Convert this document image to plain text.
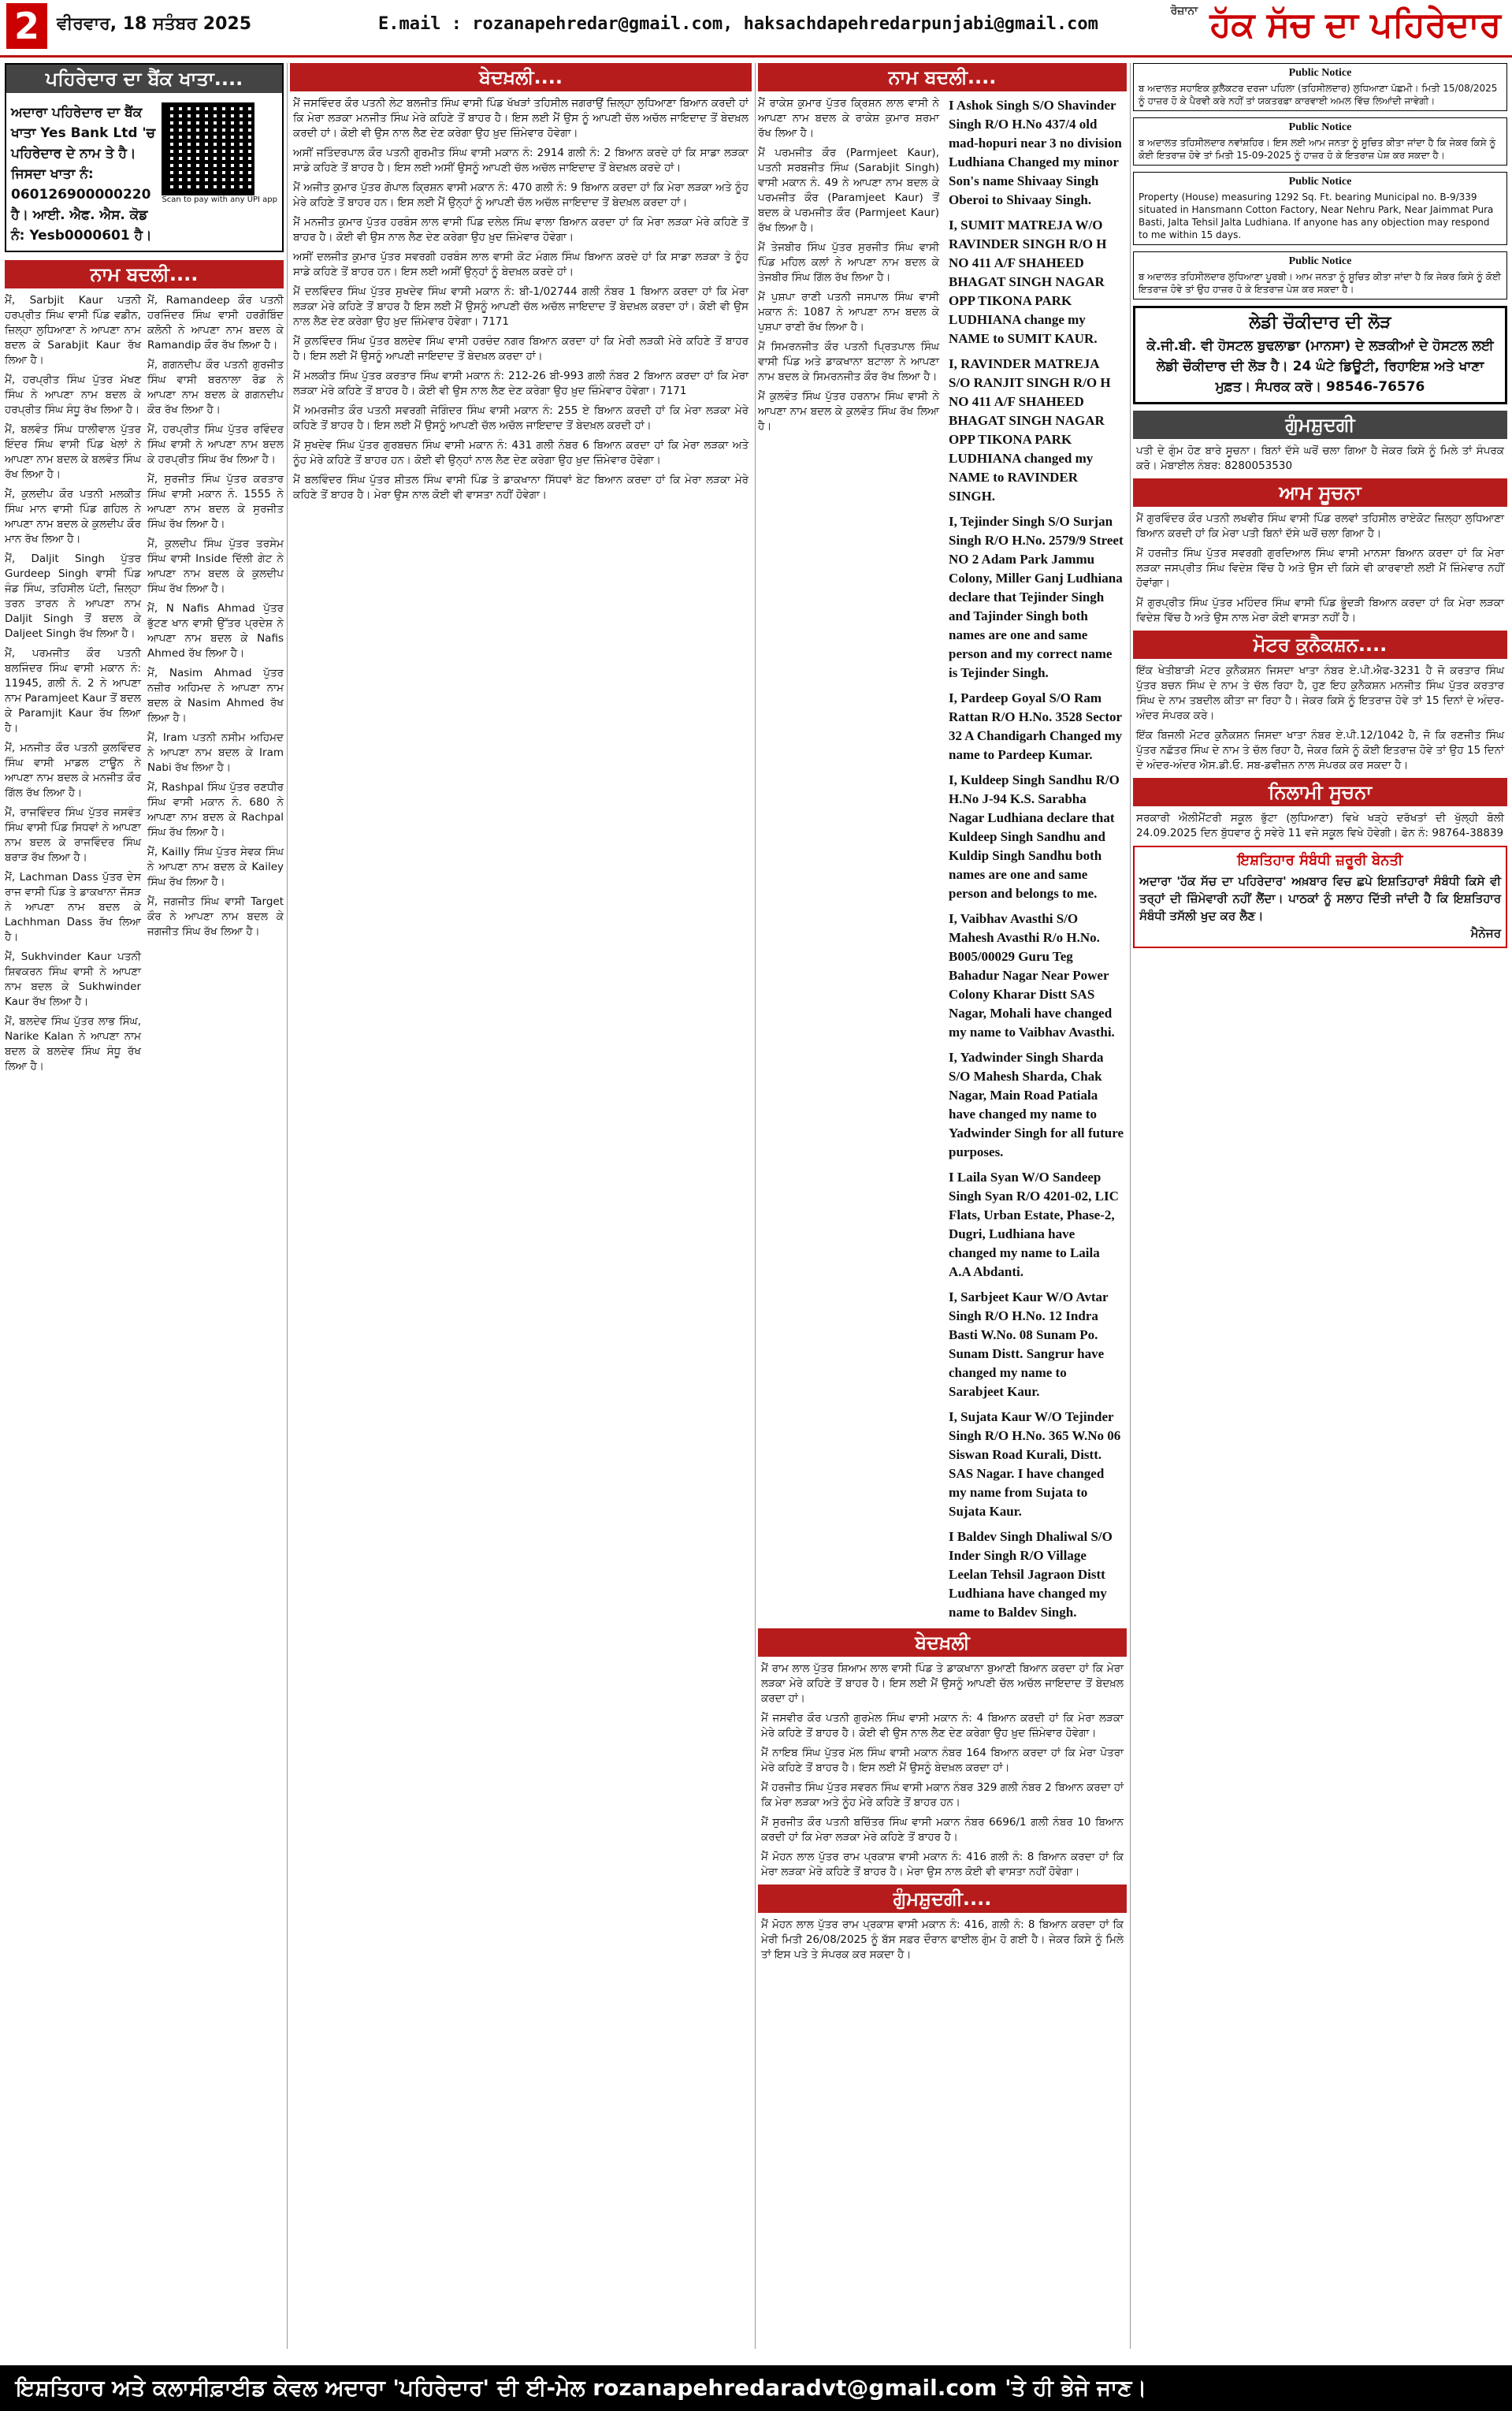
2	ਵੀਰਵਾਰ, 18 ਸਤੰਬਰ 2025	E.mail : rozanapehredar@gmail.com, haksachdapehredarpunjabi@gmail.com
$^{ਰੋਜ਼ਾਨਾ}$ ਹੱਕ ਸੱਚ ਦਾ ਪਹਿਰੇਦਾਰ
ਪਹਿਰੇਦਾਰ ਦਾ ਬੈਂਕ ਖਾਤਾ....
ਅਦਾਰਾ ਪਹਿਰੇਦਾਰ ਦਾ ਬੈਂਕ ਖਾਤਾ Yes Bank Ltd 'ਚ ਪਹਿਰੇਦਾਰ ਦੇ ਨਾਮ ਤੇ ਹੈ। ਜਿਸਦਾ ਖਾਤਾ ਨੰ: 060126900000220 ਹੈ। ਆਈ. ਐਫ. ਐਸ. ਕੋਡ ਨੰ: Yesb0000601 ਹੈ।
Scan to pay with any UPI app
ਨਾਮ ਬਦਲੀ....
ਮੈਂ, Sarbjit Kaur ਪਤਨੀ ਹਰਪ੍ਰੀਤ ਸਿੰਘ ਵਾਸੀ ਪਿੰਡ ਵਡੀਨ, ਜ਼ਿਲ੍ਹਾ ਲੁਧਿਆਣਾ ਨੇ ਆਪਣਾ ਨਾਮ ਬਦਲ ਕੇ Sarabjit Kaur ਰੱਖ ਲਿਆ ਹੈ।
ਮੈਂ, ਹਰਪ੍ਰੀਤ ਸਿੰਘ ਪੁੱਤਰ ਮੱਖਣ ਸਿੰਘ ਨੇ ਆਪਣਾ ਨਾਮ ਬਦਲ ਕੇ ਹਰਪ੍ਰੀਤ ਸਿੰਘ ਸੰਧੂ ਰੱਖ ਲਿਆ ਹੈ।
ਮੈਂ, ਬਲਵੰਤ ਸਿੰਘ ਧਾਲੀਵਾਲ ਪੁੱਤਰ ਇੰਦਰ ਸਿੰਘ ਵਾਸੀ ਪਿੰਡ ਖੇਲਾਂ ਨੇ ਆਪਣਾ ਨਾਮ ਬਦਲ ਕੇ ਬਲਵੰਤ ਸਿੰਘ ਰੱਖ ਲਿਆ ਹੈ।
ਮੈਂ, ਕੁਲਦੀਪ ਕੌਰ ਪਤਨੀ ਮਲਕੀਤ ਸਿੰਘ ਮਾਨ ਵਾਸੀ ਪਿੰਡ ਗਹਿਲ ਨੇ ਆਪਣਾ ਨਾਮ ਬਦਲ ਕੇ ਕੁਲਦੀਪ ਕੌਰ ਮਾਨ ਰੱਖ ਲਿਆ ਹੈ।
ਮੈਂ, Daljit Singh ਪੁੱਤਰ Gurdeep Singh ਵਾਸੀ ਪਿੰਡ ਜੰਡ ਸਿੰਘ, ਤਹਿਸੀਲ ਪੱਟੀ, ਜ਼ਿਲ੍ਹਾ ਤਰਨ ਤਾਰਨ ਨੇ ਆਪਣਾ ਨਾਮ Daljit Singh ਤੋਂ ਬਦਲ ਕੇ Daljeet Singh ਰੱਖ ਲਿਆ ਹੈ।
ਮੈਂ, ਪਰਮਜੀਤ ਕੌਰ ਪਤਨੀ ਬਲਜਿੰਦਰ ਸਿੰਘ ਵਾਸੀ ਮਕਾਨ ਨੰ: 11945, ਗਲੀ ਨੰ. 2 ਨੇ ਆਪਣਾ ਨਾਮ Paramjeet Kaur ਤੋਂ ਬਦਲ ਕੇ Paramjit Kaur ਰੱਖ ਲਿਆ ਹੈ।
ਮੈਂ, ਮਨਜੀਤ ਕੌਰ ਪਤਨੀ ਕੁਲਵਿੰਦਰ ਸਿੰਘ ਵਾਸੀ ਮਾਡਲ ਟਾਊਨ ਨੇ ਆਪਣਾ ਨਾਮ ਬਦਲ ਕੇ ਮਨਜੀਤ ਕੌਰ ਗਿੱਲ ਰੱਖ ਲਿਆ ਹੈ।
ਮੈਂ, ਰਾਜਵਿੰਦਰ ਸਿੰਘ ਪੁੱਤਰ ਜਸਵੰਤ ਸਿੰਘ ਵਾਸੀ ਪਿੰਡ ਸਿਧਵਾਂ ਨੇ ਆਪਣਾ ਨਾਮ ਬਦਲ ਕੇ ਰਾਜਵਿੰਦਰ ਸਿੰਘ ਬਰਾੜ ਰੱਖ ਲਿਆ ਹੈ।
ਮੈਂ, Lachman Dass ਪੁੱਤਰ ਦੇਸ ਰਾਜ ਵਾਸੀ ਪਿੰਡ ਤੇ ਡਾਕਖਾਨਾ ਜੱਸੜ ਨੇ ਆਪਣਾ ਨਾਮ ਬਦਲ ਕੇ Lachhman Dass ਰੱਖ ਲਿਆ ਹੈ।
ਮੈਂ, Sukhvinder Kaur ਪਤਨੀ ਸ਼ਿਵਕਰਨ ਸਿੰਘ ਵਾਸੀ ਨੇ ਆਪਣਾ ਨਾਮ ਬਦਲ ਕੇ Sukhwinder Kaur ਰੱਖ ਲਿਆ ਹੈ।
ਮੈਂ, ਬਲਦੇਵ ਸਿੰਘ ਪੁੱਤਰ ਲਾਭ ਸਿੰਘ, Narike Kalan ਨੇ ਆਪਣਾ ਨਾਮ ਬਦਲ ਕੇ ਬਲਦੇਵ ਸਿੰਘ ਸੰਧੂ ਰੱਖ ਲਿਆ ਹੈ।
ਮੈਂ, Ramandeep ਕੌਰ ਪਤਨੀ ਹਰਜਿੰਦਰ ਸਿੰਘ ਵਾਸੀ ਹਰਗੋਬਿੰਦ ਕਲੋਨੀ ਨੇ ਆਪਣਾ ਨਾਮ ਬਦਲ ਕੇ Ramandip ਕੌਰ ਰੱਖ ਲਿਆ ਹੈ।
ਮੈਂ, ਗਗਨਦੀਪ ਕੌਰ ਪਤਨੀ ਗੁਰਜੀਤ ਸਿੰਘ ਵਾਸੀ ਬਰਨਾਲਾ ਰੋਡ ਨੇ ਆਪਣਾ ਨਾਮ ਬਦਲ ਕੇ ਗਗਨਦੀਪ ਕੌਰ ਰੱਖ ਲਿਆ ਹੈ।
ਮੈਂ, ਹਰਪ੍ਰੀਤ ਸਿੰਘ ਪੁੱਤਰ ਰਵਿੰਦਰ ਸਿੰਘ ਵਾਸੀ ਨੇ ਆਪਣਾ ਨਾਮ ਬਦਲ ਕੇ ਹਰਪ੍ਰੀਤ ਸਿੰਘ ਰੱਖ ਲਿਆ ਹੈ।
ਮੈਂ, ਸੁਰਜੀਤ ਸਿੰਘ ਪੁੱਤਰ ਕਰਤਾਰ ਸਿੰਘ ਵਾਸੀ ਮਕਾਨ ਨੰ. 1555 ਨੇ ਆਪਣਾ ਨਾਮ ਬਦਲ ਕੇ ਸੁਰਜੀਤ ਸਿੰਘ ਰੱਖ ਲਿਆ ਹੈ।
ਮੈਂ, ਕੁਲਦੀਪ ਸਿੰਘ ਪੁੱਤਰ ਤਰਸੇਮ ਸਿੰਘ ਵਾਸੀ Inside ਦਿੱਲੀ ਗੇਟ ਨੇ ਆਪਣਾ ਨਾਮ ਬਦਲ ਕੇ ਕੁਲਦੀਪ ਸਿੰਘ ਰੱਖ ਲਿਆ ਹੈ।
ਮੈਂ, N Nafis Ahmad ਪੁੱਤਰ ਭੁੱਟਣ ਖਾਨ ਵਾਸੀ ਉੱਤਰ ਪ੍ਰਦੇਸ਼ ਨੇ ਆਪਣਾ ਨਾਮ ਬਦਲ ਕੇ Nafis Ahmed ਰੱਖ ਲਿਆ ਹੈ।
ਮੈਂ, Nasim Ahmad ਪੁੱਤਰ ਨਜ਼ੀਰ ਅਹਿਮਦ ਨੇ ਆਪਣਾ ਨਾਮ ਬਦਲ ਕੇ Nasim Ahmed ਰੱਖ ਲਿਆ ਹੈ।
ਮੈਂ, Iram ਪਤਨੀ ਨਸੀਮ ਅਹਿਮਦ ਨੇ ਆਪਣਾ ਨਾਮ ਬਦਲ ਕੇ Iram Nabi ਰੱਖ ਲਿਆ ਹੈ।
ਮੈਂ, Rashpal ਸਿੰਘ ਪੁੱਤਰ ਰਣਧੀਰ ਸਿੰਘ ਵਾਸੀ ਮਕਾਨ ਨੰ. 680 ਨੇ ਆਪਣਾ ਨਾਮ ਬਦਲ ਕੇ Rachpal ਸਿੰਘ ਰੱਖ ਲਿਆ ਹੈ।
ਮੈਂ, Kailly ਸਿੰਘ ਪੁੱਤਰ ਸੇਵਕ ਸਿੰਘ ਨੇ ਆਪਣਾ ਨਾਮ ਬਦਲ ਕੇ Kailey ਸਿੰਘ ਰੱਖ ਲਿਆ ਹੈ।
ਮੈਂ, ਜਗਜੀਤ ਸਿੰਘ ਵਾਸੀ Target ਕੌਰ ਨੇ ਆਪਣਾ ਨਾਮ ਬਦਲ ਕੇ ਜਗਜੀਤ ਸਿੰਘ ਰੱਖ ਲਿਆ ਹੈ।
ਬੇਦਖ਼ਲੀ....
ਮੈਂ ਜਸਵਿੰਦਰ ਕੌਰ ਪਤਨੀ ਲੇਟ ਬਲਜੀਤ ਸਿੰਘ ਵਾਸੀ ਪਿੰਡ ਖੱਖੜਾਂ ਤਹਿਸੀਲ ਜਗਰਾਉਂ ਜ਼ਿਲ੍ਹਾ ਲੁਧਿਆਣਾ ਬਿਆਨ ਕਰਦੀ ਹਾਂ ਕਿ ਮੇਰਾ ਲੜਕਾ ਮਨਜੀਤ ਸਿੰਘ ਮੇਰੇ ਕਹਿਣੇ ਤੋਂ ਬਾਹਰ ਹੈ। ਇਸ ਲਈ ਮੈਂ ਉਸ ਨੂੰ ਆਪਣੀ ਚੱਲ ਅਚੱਲ ਜਾਇਦਾਦ ਤੋਂ ਬੇਦਖ਼ਲ ਕਰਦੀ ਹਾਂ। ਕੋਈ ਵੀ ਉਸ ਨਾਲ ਲੈਣ ਦੇਣ ਕਰੇਗਾ ਉਹ ਖ਼ੁਦ ਜ਼ਿੰਮੇਵਾਰ ਹੋਵੇਗਾ।
ਅਸੀਂ ਜਤਿੰਦਰਪਾਲ ਕੌਰ ਪਤਨੀ ਗੁਰਮੀਤ ਸਿੰਘ ਵਾਸੀ ਮਕਾਨ ਨੰ: 2914 ਗਲੀ ਨੰ: 2 ਬਿਆਨ ਕਰਦੇ ਹਾਂ ਕਿ ਸਾਡਾ ਲੜਕਾ ਸਾਡੇ ਕਹਿਣੇ ਤੋਂ ਬਾਹਰ ਹੈ। ਇਸ ਲਈ ਅਸੀਂ ਉਸਨੂੰ ਆਪਣੀ ਚੱਲ ਅਚੱਲ ਜਾਇਦਾਦ ਤੋਂ ਬੇਦਖ਼ਲ ਕਰਦੇ ਹਾਂ।
ਮੈਂ ਅਜੀਤ ਕੁਮਾਰ ਪੁੱਤਰ ਗੋਪਾਲ ਕ੍ਰਿਸ਼ਨ ਵਾਸੀ ਮਕਾਨ ਨੰ: 470 ਗਲੀ ਨੰ: 9 ਬਿਆਨ ਕਰਦਾ ਹਾਂ ਕਿ ਮੇਰਾ ਲੜਕਾ ਅਤੇ ਨੂੰਹ ਮੇਰੇ ਕਹਿਣੇ ਤੋਂ ਬਾਹਰ ਹਨ। ਇਸ ਲਈ ਮੈਂ ਉਨ੍ਹਾਂ ਨੂੰ ਆਪਣੀ ਚੱਲ ਅਚੱਲ ਜਾਇਦਾਦ ਤੋਂ ਬੇਦਖ਼ਲ ਕਰਦਾ ਹਾਂ।
ਮੈਂ ਮਨਜੀਤ ਕੁਮਾਰ ਪੁੱਤਰ ਹਰਬੰਸ ਲਾਲ ਵਾਸੀ ਪਿੰਡ ਦਲੇਲ ਸਿੰਘ ਵਾਲਾ ਬਿਆਨ ਕਰਦਾ ਹਾਂ ਕਿ ਮੇਰਾ ਲੜਕਾ ਮੇਰੇ ਕਹਿਣੇ ਤੋਂ ਬਾਹਰ ਹੈ। ਕੋਈ ਵੀ ਉਸ ਨਾਲ ਲੈਣ ਦੇਣ ਕਰੇਗਾ ਉਹ ਖ਼ੁਦ ਜ਼ਿੰਮੇਵਾਰ ਹੋਵੇਗਾ।
ਅਸੀਂ ਦਲਜੀਤ ਕੁਮਾਰ ਪੁੱਤਰ ਸਵਰਗੀ ਹਰਬੰਸ ਲਾਲ ਵਾਸੀ ਕੋਟ ਮੰਗਲ ਸਿੰਘ ਬਿਆਨ ਕਰਦੇ ਹਾਂ ਕਿ ਸਾਡਾ ਲੜਕਾ ਤੇ ਨੂੰਹ ਸਾਡੇ ਕਹਿਣੇ ਤੋਂ ਬਾਹਰ ਹਨ। ਇਸ ਲਈ ਅਸੀਂ ਉਨ੍ਹਾਂ ਨੂੰ ਬੇਦਖ਼ਲ ਕਰਦੇ ਹਾਂ।
ਮੈਂ ਦਲਵਿੰਦਰ ਸਿੰਘ ਪੁੱਤਰ ਸੁਖਦੇਵ ਸਿੰਘ ਵਾਸੀ ਮਕਾਨ ਨੰ: ਬੀ-1/02744 ਗਲੀ ਨੰਬਰ 1 ਬਿਆਨ ਕਰਦਾ ਹਾਂ ਕਿ ਮੇਰਾ ਲੜਕਾ ਮੇਰੇ ਕਹਿਣੇ ਤੋਂ ਬਾਹਰ ਹੈ ਇਸ ਲਈ ਮੈਂ ਉਸਨੂੰ ਆਪਣੀ ਚੱਲ ਅਚੱਲ ਜਾਇਦਾਦ ਤੋਂ ਬੇਦਖ਼ਲ ਕਰਦਾ ਹਾਂ। ਕੋਈ ਵੀ ਉਸ ਨਾਲ ਲੈਣ ਦੇਣ ਕਰੇਗਾ ਉਹ ਖ਼ੁਦ ਜ਼ਿੰਮੇਵਾਰ ਹੋਵੇਗਾ। 7171
ਮੈਂ ਕੁਲਵਿੰਦਰ ਸਿੰਘ ਪੁੱਤਰ ਬਲਦੇਵ ਸਿੰਘ ਵਾਸੀ ਹਰਚੰਦ ਨਗਰ ਬਿਆਨ ਕਰਦਾ ਹਾਂ ਕਿ ਮੇਰੀ ਲੜਕੀ ਮੇਰੇ ਕਹਿਣੇ ਤੋਂ ਬਾਹਰ ਹੈ। ਇਸ ਲਈ ਮੈਂ ਉਸਨੂੰ ਆਪਣੀ ਜਾਇਦਾਦ ਤੋਂ ਬੇਦਖ਼ਲ ਕਰਦਾ ਹਾਂ।
ਮੈਂ ਮਲਕੀਤ ਸਿੰਘ ਪੁੱਤਰ ਕਰਤਾਰ ਸਿੰਘ ਵਾਸੀ ਮਕਾਨ ਨੰ: 212-26 ਬੀ-993 ਗਲੀ ਨੰਬਰ 2 ਬਿਆਨ ਕਰਦਾ ਹਾਂ ਕਿ ਮੇਰਾ ਲੜਕਾ ਮੇਰੇ ਕਹਿਣੇ ਤੋਂ ਬਾਹਰ ਹੈ। ਕੋਈ ਵੀ ਉਸ ਨਾਲ ਲੈਣ ਦੇਣ ਕਰੇਗਾ ਉਹ ਖ਼ੁਦ ਜ਼ਿੰਮੇਵਾਰ ਹੋਵੇਗਾ। 7171
ਮੈਂ ਅਮਰਜੀਤ ਕੌਰ ਪਤਨੀ ਸਵਰਗੀ ਜੋਗਿੰਦਰ ਸਿੰਘ ਵਾਸੀ ਮਕਾਨ ਨੰ: 255 ਏ ਬਿਆਨ ਕਰਦੀ ਹਾਂ ਕਿ ਮੇਰਾ ਲੜਕਾ ਮੇਰੇ ਕਹਿਣੇ ਤੋਂ ਬਾਹਰ ਹੈ। ਇਸ ਲਈ ਮੈਂ ਉਸਨੂੰ ਆਪਣੀ ਚੱਲ ਅਚੱਲ ਜਾਇਦਾਦ ਤੋਂ ਬੇਦਖ਼ਲ ਕਰਦੀ ਹਾਂ।
ਮੈਂ ਸੁਖਦੇਵ ਸਿੰਘ ਪੁੱਤਰ ਗੁਰਬਚਨ ਸਿੰਘ ਵਾਸੀ ਮਕਾਨ ਨੰ: 431 ਗਲੀ ਨੰਬਰ 6 ਬਿਆਨ ਕਰਦਾ ਹਾਂ ਕਿ ਮੇਰਾ ਲੜਕਾ ਅਤੇ ਨੂੰਹ ਮੇਰੇ ਕਹਿਣੇ ਤੋਂ ਬਾਹਰ ਹਨ। ਕੋਈ ਵੀ ਉਨ੍ਹਾਂ ਨਾਲ ਲੈਣ ਦੇਣ ਕਰੇਗਾ ਉਹ ਖ਼ੁਦ ਜ਼ਿੰਮੇਵਾਰ ਹੋਵੇਗਾ।
ਮੈਂ ਬਲਵਿੰਦਰ ਸਿੰਘ ਪੁੱਤਰ ਸ਼ੀਤਲ ਸਿੰਘ ਵਾਸੀ ਪਿੰਡ ਤੇ ਡਾਕਖਾਨਾ ਸਿੱਧਵਾਂ ਬੇਟ ਬਿਆਨ ਕਰਦਾ ਹਾਂ ਕਿ ਮੇਰਾ ਲੜਕਾ ਮੇਰੇ ਕਹਿਣੇ ਤੋਂ ਬਾਹਰ ਹੈ। ਮੇਰਾ ਉਸ ਨਾਲ ਕੋਈ ਵੀ ਵਾਸਤਾ ਨਹੀਂ ਹੋਵੇਗਾ।
ਨਾਮ ਬਦਲੀ....
ਮੈਂ ਰਾਕੇਸ਼ ਕੁਮਾਰ ਪੁੱਤਰ ਕ੍ਰਿਸ਼ਨ ਲਾਲ ਵਾਸੀ ਨੇ ਆਪਣਾ ਨਾਮ ਬਦਲ ਕੇ ਰਾਕੇਸ਼ ਕੁਮਾਰ ਸ਼ਰਮਾ ਰੱਖ ਲਿਆ ਹੈ।
ਮੈਂ ਪਰਮਜੀਤ ਕੌਰ (Parmjeet Kaur), ਪਤਨੀ ਸਰਬਜੀਤ ਸਿੰਘ (Sarabjit Singh) ਵਾਸੀ ਮਕਾਨ ਨੰ. 49 ਨੇ ਆਪਣਾ ਨਾਮ ਬਦਲ ਕੇ ਪਰਮਜੀਤ ਕੌਰ (Paramjeet Kaur) ਤੋਂ ਬਦਲ ਕੇ ਪਰਮਜੀਤ ਕੌਰ (Parmjeet Kaur) ਰੱਖ ਲਿਆ ਹੈ।
ਮੈਂ ਤੇਜਬੀਰ ਸਿੰਘ ਪੁੱਤਰ ਸੁਰਜੀਤ ਸਿੰਘ ਵਾਸੀ ਪਿੰਡ ਮਹਿਲ ਕਲਾਂ ਨੇ ਆਪਣਾ ਨਾਮ ਬਦਲ ਕੇ ਤੇਜਬੀਰ ਸਿੰਘ ਗਿੱਲ ਰੱਖ ਲਿਆ ਹੈ।
ਮੈਂ ਪੁਸ਼ਪਾ ਰਾਣੀ ਪਤਨੀ ਜਸਪਾਲ ਸਿੰਘ ਵਾਸੀ ਮਕਾਨ ਨੰ: 1087 ਨੇ ਆਪਣਾ ਨਾਮ ਬਦਲ ਕੇ ਪੁਸ਼ਪਾ ਰਾਣੀ ਰੱਖ ਲਿਆ ਹੈ।
ਮੈਂ ਸਿਮਰਨਜੀਤ ਕੌਰ ਪਤਨੀ ਪ੍ਰਿਤਪਾਲ ਸਿੰਘ ਵਾਸੀ ਪਿੰਡ ਅਤੇ ਡਾਕਖਾਨਾ ਬਟਾਲਾ ਨੇ ਆਪਣਾ ਨਾਮ ਬਦਲ ਕੇ ਸਿਮਰਨਜੀਤ ਕੌਰ ਰੱਖ ਲਿਆ ਹੈ।
ਮੈਂ ਕੁਲਵੰਤ ਸਿੰਘ ਪੁੱਤਰ ਹਰਨਾਮ ਸਿੰਘ ਵਾਸੀ ਨੇ ਆਪਣਾ ਨਾਮ ਬਦਲ ਕੇ ਕੁਲਵੰਤ ਸਿੰਘ ਰੱਖ ਲਿਆ ਹੈ।
I Ashok Singh S/O Shavinder Singh R/O H.No 437/4 old mad-hopuri near 3 no division Ludhiana Changed my minor Son's name Shivaay Singh Oberoi to Shivaay Singh.
I, SUMIT MATREJA W/O RAVINDER SINGH R/O H NO 411 A/F SHAHEED BHAGAT SINGH NAGAR OPP TIKONA PARK LUDHIANA change my NAME to SUMIT KAUR.
I, RAVINDER MATREJA S/O RANJIT SINGH R/O H NO 411 A/F SHAHEED BHAGAT SINGH NAGAR OPP TIKONA PARK LUDHIANA changed my NAME to RAVINDER SINGH.
I, Tejinder Singh S/O Surjan Singh R/O H.No. 2579/9 Street NO 2 Adam Park Jammu Colony, Miller Ganj Ludhiana declare that Tejinder Singh and Tajinder Singh both names are one and same person and my correct name is Tejinder Singh.
I, Pardeep Goyal S/O Ram Rattan R/O H.No. 3528 Sector 32 A Chandigarh Changed my name to Pardeep Kumar.
I, Kuldeep Singh Sandhu R/O H.No J-94 K.S. Sarabha Nagar Ludhiana declare that Kuldeep Singh Sandhu and Kuldip Singh Sandhu both names are one and same person and belongs to me.
I, Vaibhav Avasthi S/O Mahesh Avasthi R/o H.No. B005/00029 Guru Teg Bahadur Nagar Near Power Colony Kharar Distt SAS Nagar, Mohali have changed my name to Vaibhav Avasthi.
I, Yadwinder Singh Sharda S/O Mahesh Sharda, Chak Nagar, Main Road Patiala have changed my name to Yadwinder Singh for all future purposes.
I Laila Syan W/O Sandeep Singh Syan R/O 4201-02, LIC Flats, Urban Estate, Phase-2, Dugri, Ludhiana have changed my name to Laila A.A Abdanti.
I, Sarbjeet Kaur W/O Avtar Singh R/O H.No. 12 Indra Basti W.No. 08 Sunam Po. Sunam Distt. Sangrur have changed my name to Sarabjeet Kaur.
I, Sujata Kaur W/O Tejinder Singh R/O H.No. 365 W.No 06 Siswan Road Kurali, Distt. SAS Nagar. I have changed my name from Sujata to Sujata Kaur.
I Baldev Singh Dhaliwal S/O Inder Singh R/O Village Leelan Tehsil Jagraon Distt Ludhiana have changed my name to Baldev Singh.
ਬੇਦਖ਼ਲੀ
ਮੈਂ ਰਾਮ ਲਾਲ ਪੁੱਤਰ ਸ਼ਿਆਮ ਲਾਲ ਵਾਸੀ ਪਿੰਡ ਤੇ ਡਾਕਖਾਨਾ ਬੁਆਣੀ ਬਿਆਨ ਕਰਦਾ ਹਾਂ ਕਿ ਮੇਰਾ ਲੜਕਾ ਮੇਰੇ ਕਹਿਣੇ ਤੋਂ ਬਾਹਰ ਹੈ। ਇਸ ਲਈ ਮੈਂ ਉਸਨੂੰ ਆਪਣੀ ਚੱਲ ਅਚੱਲ ਜਾਇਦਾਦ ਤੋਂ ਬੇਦਖ਼ਲ ਕਰਦਾ ਹਾਂ।
ਮੈਂ ਜਸਵੀਰ ਕੌਰ ਪਤਨੀ ਗੁਰਮੇਲ ਸਿੰਘ ਵਾਸੀ ਮਕਾਨ ਨੰ: 4 ਬਿਆਨ ਕਰਦੀ ਹਾਂ ਕਿ ਮੇਰਾ ਲੜਕਾ ਮੇਰੇ ਕਹਿਣੇ ਤੋਂ ਬਾਹਰ ਹੈ। ਕੋਈ ਵੀ ਉਸ ਨਾਲ ਲੈਣ ਦੇਣ ਕਰੇਗਾ ਉਹ ਖ਼ੁਦ ਜ਼ਿੰਮੇਵਾਰ ਹੋਵੇਗਾ।
ਮੈਂ ਨਾਇਬ ਸਿੰਘ ਪੁੱਤਰ ਮੱਲ ਸਿੰਘ ਵਾਸੀ ਮਕਾਨ ਨੰਬਰ 164 ਬਿਆਨ ਕਰਦਾ ਹਾਂ ਕਿ ਮੇਰਾ ਪੋਤਰਾ ਮੇਰੇ ਕਹਿਣੇ ਤੋਂ ਬਾਹਰ ਹੈ। ਇਸ ਲਈ ਮੈਂ ਉਸਨੂੰ ਬੇਦਖ਼ਲ ਕਰਦਾ ਹਾਂ।
ਮੈਂ ਹਰਜੀਤ ਸਿੰਘ ਪੁੱਤਰ ਸਵਰਨ ਸਿੰਘ ਵਾਸੀ ਮਕਾਨ ਨੰਬਰ 329 ਗਲੀ ਨੰਬਰ 2 ਬਿਆਨ ਕਰਦਾ ਹਾਂ ਕਿ ਮੇਰਾ ਲੜਕਾ ਅਤੇ ਨੂੰਹ ਮੇਰੇ ਕਹਿਣੇ ਤੋਂ ਬਾਹਰ ਹਨ।
ਮੈਂ ਸੁਰਜੀਤ ਕੌਰ ਪਤਨੀ ਬਚਿੱਤਰ ਸਿੰਘ ਵਾਸੀ ਮਕਾਨ ਨੰਬਰ 6696/1 ਗਲੀ ਨੰਬਰ 10 ਬਿਆਨ ਕਰਦੀ ਹਾਂ ਕਿ ਮੇਰਾ ਲੜਕਾ ਮੇਰੇ ਕਹਿਣੇ ਤੋਂ ਬਾਹਰ ਹੈ।
ਮੈਂ ਮੋਹਨ ਲਾਲ ਪੁੱਤਰ ਰਾਮ ਪ੍ਰਕਾਸ਼ ਵਾਸੀ ਮਕਾਨ ਨੰ: 416 ਗਲੀ ਨੰ: 8 ਬਿਆਨ ਕਰਦਾ ਹਾਂ ਕਿ ਮੇਰਾ ਲੜਕਾ ਮੇਰੇ ਕਹਿਣੇ ਤੋਂ ਬਾਹਰ ਹੈ। ਮੇਰਾ ਉਸ ਨਾਲ ਕੋਈ ਵੀ ਵਾਸਤਾ ਨਹੀਂ ਹੋਵੇਗਾ।
ਗੁੰਮਸ਼ੁਦਗੀ....
ਮੈਂ ਮੋਹਨ ਲਾਲ ਪੁੱਤਰ ਰਾਮ ਪ੍ਰਕਾਸ਼ ਵਾਸੀ ਮਕਾਨ ਨੰ: 416, ਗਲੀ ਨੰ: 8 ਬਿਆਨ ਕਰਦਾ ਹਾਂ ਕਿ ਮੇਰੀ ਮਿਤੀ 26/08/2025 ਨੂੰ ਬੱਸ ਸਫ਼ਰ ਦੌਰਾਨ ਫਾਈਲ ਗੁੰਮ ਹੋ ਗਈ ਹੈ। ਜੇਕਰ ਕਿਸੇ ਨੂੰ ਮਿਲੇ ਤਾਂ ਇਸ ਪਤੇ ਤੇ ਸੰਪਰਕ ਕਰ ਸਕਦਾ ਹੈ।
Public Notice
ਬ ਅਦਾਲਤ ਸਹਾਇਕ ਕੁਲੈਕਟਰ ਦਰਜਾ ਪਹਿਲਾ (ਤਹਿਸੀਲਦਾਰ) ਲੁਧਿਆਣਾ ਪੱਛਮੀ। ਮਿਤੀ 15/08/2025 ਨੂੰ ਹਾਜ਼ਰ ਹੋ ਕੇ ਪੈਰਵੀ ਕਰੇ ਨਹੀਂ ਤਾਂ ਯਕਤਰਫ਼ਾ ਕਾਰਵਾਈ ਅਮਲ ਵਿੱਚ ਲਿਆਂਦੀ ਜਾਵੇਗੀ।
Public Notice
ਬ ਅਦਾਲਤ ਤਹਿਸੀਲਦਾਰ ਨਵਾਂਸ਼ਹਿਰ। ਇਸ ਲਈ ਆਮ ਜਨਤਾ ਨੂੰ ਸੂਚਿਤ ਕੀਤਾ ਜਾਂਦਾ ਹੈ ਕਿ ਜੇਕਰ ਕਿਸੇ ਨੂੰ ਕੋਈ ਇਤਰਾਜ਼ ਹੋਵੇ ਤਾਂ ਮਿਤੀ 15-09-2025 ਨੂੰ ਹਾਜ਼ਰ ਹੋ ਕੇ ਇਤਰਾਜ਼ ਪੇਸ਼ ਕਰ ਸਕਦਾ ਹੈ।
Public Notice
Property (House) measuring 1292 Sq. Ft. bearing Municipal no. B-9/339 situated in Hansmann Cotton Factory, Near Nehru Park, Near Jaimmat Pura Basti, Jalta Tehsil Jalta Ludhiana. If anyone has any objection may respond to me within 15 days.
Public Notice
ਬ ਅਦਾਲਤ ਤਹਿਸੀਲਦਾਰ ਲੁਧਿਆਣਾ ਪੂਰਬੀ। ਆਮ ਜਨਤਾ ਨੂੰ ਸੂਚਿਤ ਕੀਤਾ ਜਾਂਦਾ ਹੈ ਕਿ ਜੇਕਰ ਕਿਸੇ ਨੂੰ ਕੋਈ ਇਤਰਾਜ਼ ਹੋਵੇ ਤਾਂ ਉਹ ਹਾਜ਼ਰ ਹੋ ਕੇ ਇਤਰਾਜ਼ ਪੇਸ਼ ਕਰ ਸਕਦਾ ਹੈ।
ਲੇਡੀ ਚੌਕੀਦਾਰ ਦੀ ਲੋੜ
ਕੇ.ਜੀ.ਬੀ. ਵੀ ਹੋਸਟਲ ਬੁਢਲਾਡਾ (ਮਾਨਸਾ) ਦੇ ਲੜਕੀਆਂ ਦੇ ਹੋਸਟਲ ਲਈ ਲੇਡੀ ਚੌਕੀਦਾਰ ਦੀ ਲੋੜ ਹੈ। 24 ਘੰਟੇ ਡਿਊਟੀ, ਰਿਹਾਇਸ਼ ਅਤੇ ਖਾਣਾ ਮੁਫ਼ਤ। ਸੰਪਰਕ ਕਰੋ। 98546-76576
ਗੁੰਮਸ਼ੁਦਗੀ
ਪਤੀ ਦੇ ਗੁੰਮ ਹੋਣ ਬਾਰੇ ਸੂਚਨਾ। ਬਿਨਾਂ ਦੱਸੇ ਘਰੋਂ ਚਲਾ ਗਿਆ ਹੈ ਜੇਕਰ ਕਿਸੇ ਨੂੰ ਮਿਲੇ ਤਾਂ ਸੰਪਰਕ ਕਰੋ। ਮੋਬਾਈਲ ਨੰਬਰ: 8280053530
ਆਮ ਸੂਚਨਾ
ਮੈਂ ਗੁਰਵਿੰਦਰ ਕੌਰ ਪਤਨੀ ਲਖਵੀਰ ਸਿੰਘ ਵਾਸੀ ਪਿੰਡ ਰਲਵਾਂ ਤਹਿਸੀਲ ਰਾਏਕੋਟ ਜ਼ਿਲ੍ਹਾ ਲੁਧਿਆਣਾ ਬਿਆਨ ਕਰਦੀ ਹਾਂ ਕਿ ਮੇਰਾ ਪਤੀ ਬਿਨਾਂ ਦੱਸੇ ਘਰੋਂ ਚਲਾ ਗਿਆ ਹੈ।
ਮੈਂ ਹਰਜੀਤ ਸਿੰਘ ਪੁੱਤਰ ਸਵਰਗੀ ਗੁਰਦਿਆਲ ਸਿੰਘ ਵਾਸੀ ਮਾਨਸਾ ਬਿਆਨ ਕਰਦਾ ਹਾਂ ਕਿ ਮੇਰਾ ਲੜਕਾ ਜਸਪ੍ਰੀਤ ਸਿੰਘ ਵਿਦੇਸ਼ ਵਿੱਚ ਹੈ ਅਤੇ ਉਸ ਦੀ ਕਿਸੇ ਵੀ ਕਾਰਵਾਈ ਲਈ ਮੈਂ ਜ਼ਿੰਮੇਵਾਰ ਨਹੀਂ ਹੋਵਾਂਗਾ।
ਮੈਂ ਗੁਰਪ੍ਰੀਤ ਸਿੰਘ ਪੁੱਤਰ ਮਹਿੰਦਰ ਸਿੰਘ ਵਾਸੀ ਪਿੰਡ ਭੂੰਦੜੀ ਬਿਆਨ ਕਰਦਾ ਹਾਂ ਕਿ ਮੇਰਾ ਲੜਕਾ ਵਿਦੇਸ਼ ਵਿੱਚ ਹੈ ਅਤੇ ਉਸ ਨਾਲ ਮੇਰਾ ਕੋਈ ਵਾਸਤਾ ਨਹੀਂ ਹੈ।
ਮੋਟਰ ਕੁਨੈਕਸ਼ਨ....
ਇੱਕ ਖੇਤੀਬਾੜੀ ਮੋਟਰ ਕੁਨੈਕਸ਼ਨ ਜਿਸਦਾ ਖਾਤਾ ਨੰਬਰ ਏ.ਪੀ.ਐਫ-3231 ਹੈ ਜੋ ਕਰਤਾਰ ਸਿੰਘ ਪੁੱਤਰ ਬਚਨ ਸਿੰਘ ਦੇ ਨਾਮ ਤੇ ਚੱਲ ਰਿਹਾ ਹੈ, ਹੁਣ ਇਹ ਕੁਨੈਕਸ਼ਨ ਮਨਜੀਤ ਸਿੰਘ ਪੁੱਤਰ ਕਰਤਾਰ ਸਿੰਘ ਦੇ ਨਾਮ ਤਬਦੀਲ ਕੀਤਾ ਜਾ ਰਿਹਾ ਹੈ। ਜੇਕਰ ਕਿਸੇ ਨੂੰ ਇਤਰਾਜ਼ ਹੋਵੇ ਤਾਂ 15 ਦਿਨਾਂ ਦੇ ਅੰਦਰ-ਅੰਦਰ ਸੰਪਰਕ ਕਰੇ।
ਇੱਕ ਬਿਜਲੀ ਮੋਟਰ ਕੁਨੈਕਸ਼ਨ ਜਿਸਦਾ ਖਾਤਾ ਨੰਬਰ ਏ.ਪੀ.12/1042 ਹੈ, ਜੋ ਕਿ ਰਣਜੀਤ ਸਿੰਘ ਪੁੱਤਰ ਨਛੱਤਰ ਸਿੰਘ ਦੇ ਨਾਮ ਤੇ ਚੱਲ ਰਿਹਾ ਹੈ, ਜੇਕਰ ਕਿਸੇ ਨੂੰ ਕੋਈ ਇਤਰਾਜ਼ ਹੋਵੇ ਤਾਂ ਉਹ 15 ਦਿਨਾਂ ਦੇ ਅੰਦਰ-ਅੰਦਰ ਐਸ.ਡੀ.ਓ. ਸਬ-ਡਵੀਜ਼ਨ ਨਾਲ ਸੰਪਰਕ ਕਰ ਸਕਦਾ ਹੈ।
ਨਿਲਾਮੀ ਸੂਚਨਾ
ਸਰਕਾਰੀ ਐਲੀਮੈਂਟਰੀ ਸਕੂਲ ਭੁੱਟਾ (ਲੁਧਿਆਣਾ) ਵਿਖੇ ਖੜ੍ਹੇ ਦਰੱਖਤਾਂ ਦੀ ਖੁੱਲ੍ਹੀ ਬੋਲੀ 24.09.2025 ਦਿਨ ਬੁੱਧਵਾਰ ਨੂੰ ਸਵੇਰੇ 11 ਵਜੇ ਸਕੂਲ ਵਿਖੇ ਹੋਵੇਗੀ। ਫੋਨ ਨੰ: 98764-38839
ਇਸ਼ਤਿਹਾਰ ਸੰਬੰਧੀ ਜ਼ਰੂਰੀ ਬੇਨਤੀ
ਅਦਾਰਾ 'ਹੱਕ ਸੱਚ ਦਾ ਪਹਿਰੇਦਾਰ' ਅਖ਼ਬਾਰ ਵਿਚ ਛਪੇ ਇਸ਼ਤਿਹਾਰਾਂ ਸੰਬੰਧੀ ਕਿਸੇ ਵੀ ਤਰ੍ਹਾਂ ਦੀ ਜ਼ਿੰਮੇਵਾਰੀ ਨਹੀਂ ਲੈਂਦਾ। ਪਾਠਕਾਂ ਨੂੰ ਸਲਾਹ ਦਿੱਤੀ ਜਾਂਦੀ ਹੈ ਕਿ ਇਸ਼ਤਿਹਾਰ ਸੰਬੰਧੀ ਤਸੱਲੀ ਖੁਦ ਕਰ ਲੈਣ।
ਮੈਨੇਜਰ
ਇਸ਼ਤਿਹਾਰ ਅਤੇ ਕਲਾਸੀਫ਼ਾਈਡ ਕੇਵਲ ਅਦਾਰਾ 'ਪਹਿਰੇਦਾਰ' ਦੀ ਈ-ਮੇਲ rozanapehredaradvt@gmail.com 'ਤੇ ਹੀ ਭੇਜੇ ਜਾਣ।
